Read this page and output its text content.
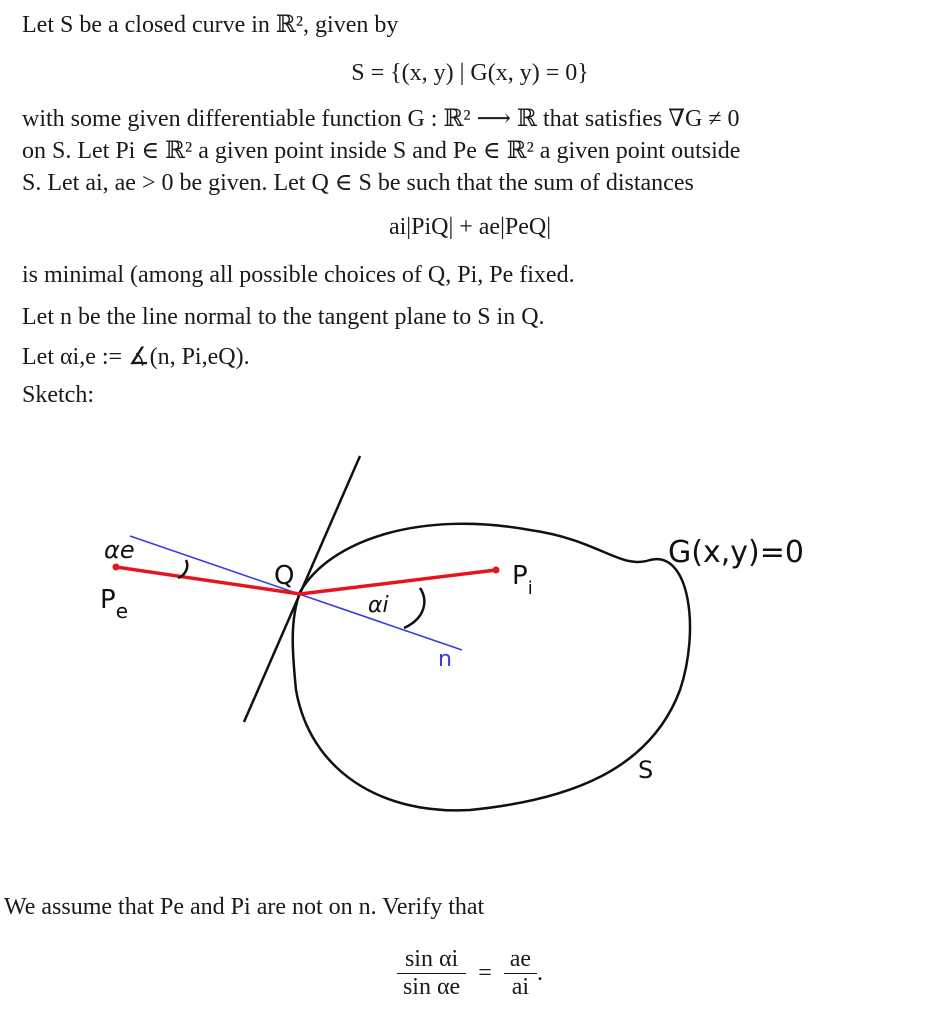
Let S be a closed curve in ℝ², given by
S = {(x, y) | G(x, y) = 0}
with some given differentiable function G : ℝ² ⟶ ℝ that satisfies ∇G ≠ 0
on S. Let Pi ∈ ℝ² a given point inside S and Pe ∈ ℝ² a given point outside
S. Let ai, ae > 0 be given. Let Q ∈ S be such that the sum of distances
ai|PiQ| + ae|PeQ|
is minimal (among all possible choices of Q, Pi, Pe fixed.
Let n be the line normal to the tangent plane to S in Q.
Let αi,e := ∡(n, Pi,eQ).
Sketch:
G(x,y)=0
Q	$P_i$
$P_e$
n
S
αe
αi
We assume that Pe and Pi are not on n. Verify that
$\frac{\text{sin αi}}{\text{sin αe}} = \frac{ae}{ai}$ .
